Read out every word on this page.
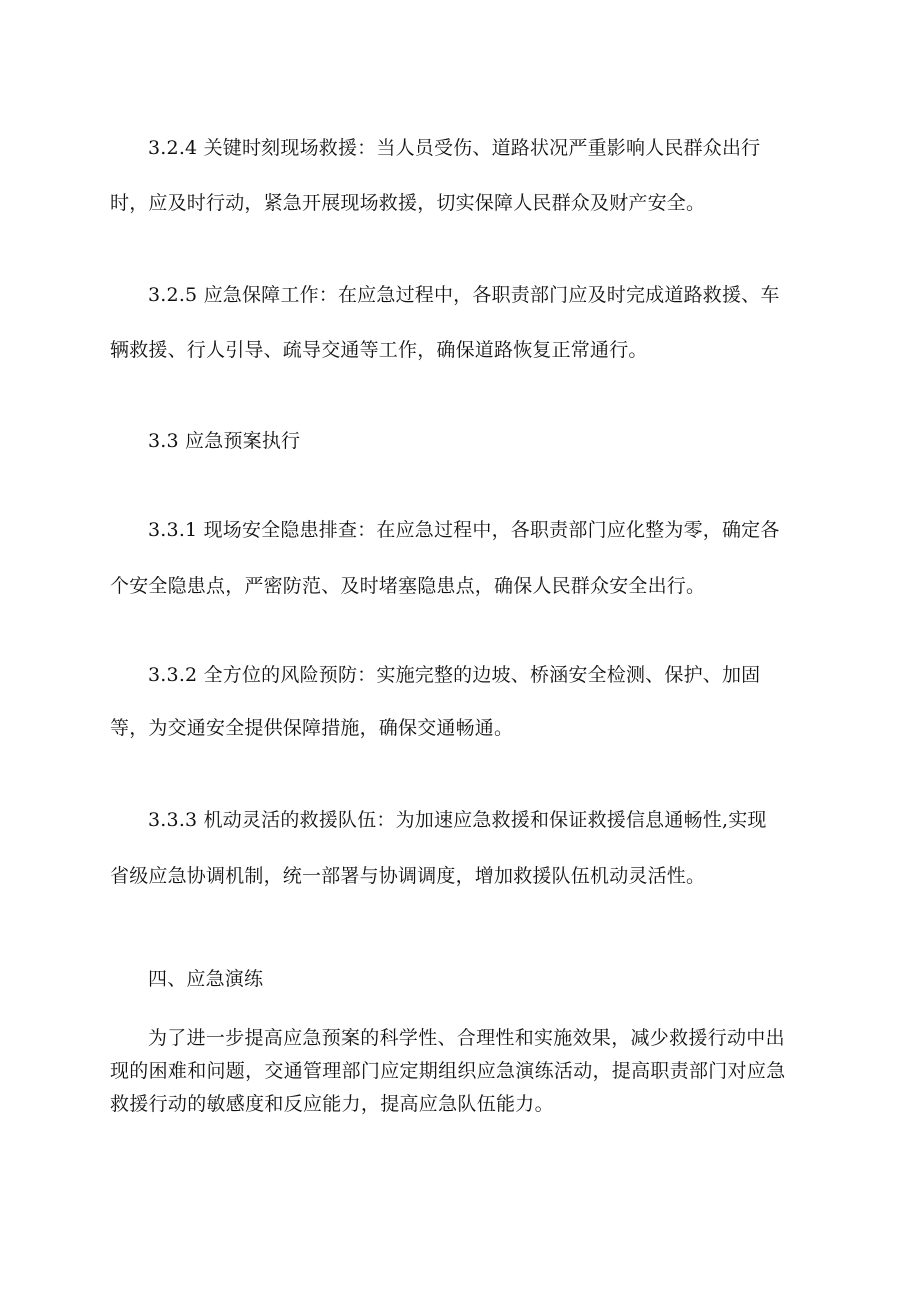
3.2.4 关键时刻现场救援：当人员受伤、道路状况严重影响人民群众出行

时，应及时行动，紧急开展现场救援，切实保障人民群众及财产安全。

3.2.5 应急保障工作：在应急过程中，各职责部门应及时完成道路救援、车

辆救援、行人引导、疏导交通等工作，确保道路恢复正常通行。

3.3 应急预案执行

3.3.1 现场安全隐患排查：在应急过程中，各职责部门应化整为零，确定各

个安全隐患点，严密防范、及时堵塞隐患点，确保人民群众安全出行。

3.3.2 全方位的风险预防：实施完整的边坡、桥涵安全检测、保护、加固

等，为交通安全提供保障措施，确保交通畅通。

3.3.3 机动灵活的救援队伍：为加速应急救援和保证救援信息通畅性,实现

省级应急协调机制，统一部署与协调调度，增加救援队伍机动灵活性。

四、应急演练

为了进一步提高应急预案的科学性、合理性和实施效果，减少救援行动中出现的困难和问题，交通管理部门应定期组织应急演练活动，提高职责部门对应急救援行动的敏感度和反应能力，提高应急队伍能力。
